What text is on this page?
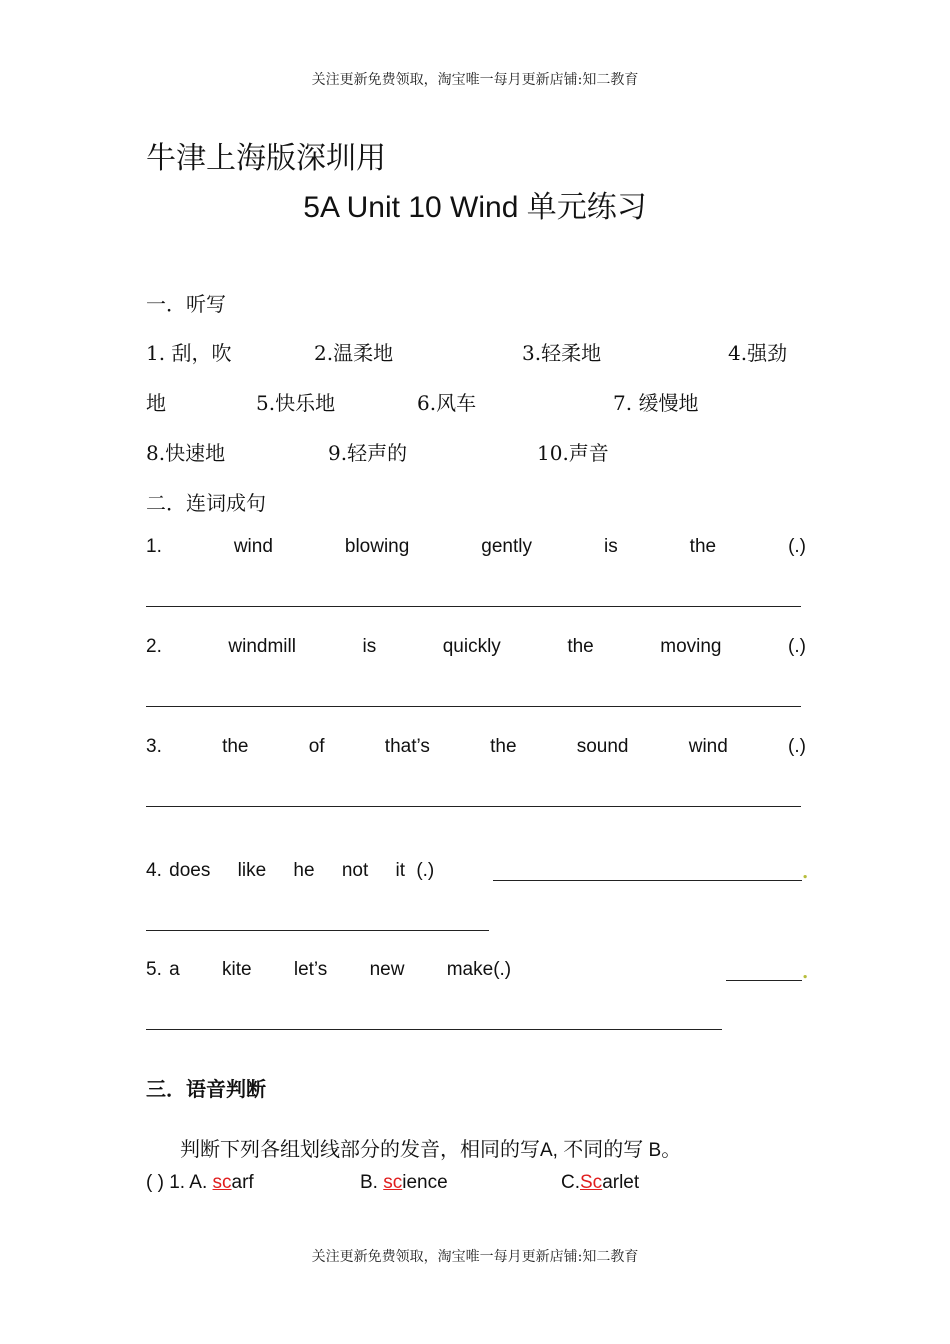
关注更新免费领取，淘宝唯一每月更新店铺:知二教育
关注更新免费领取，淘宝唯一每月更新店铺:知二教育
牛津上海版深圳用
5A Unit 10 Wind 单元练习
一．听写
1. 刮，吹	2.温柔地	3.轻柔地	4.强劲
地	5.快乐地	6.风车	7. 缓慢地
8.快速地	9.轻声的	10.声音
二．连词成句
1.	wind	blowing	gently	is	the	(.)
2.	windmill	is	quickly	the	moving	(.)
3.	the	of	that’s	the	sound	wind	(.)
4. does like he not it (.)	.
5. a kite let’s new make(.)	.
三．语音判断
判断下列各组划线部分的发音，相同的写A, 不同的写 B。
( ) 1. A. scarf	B. science	C.Scarlet
